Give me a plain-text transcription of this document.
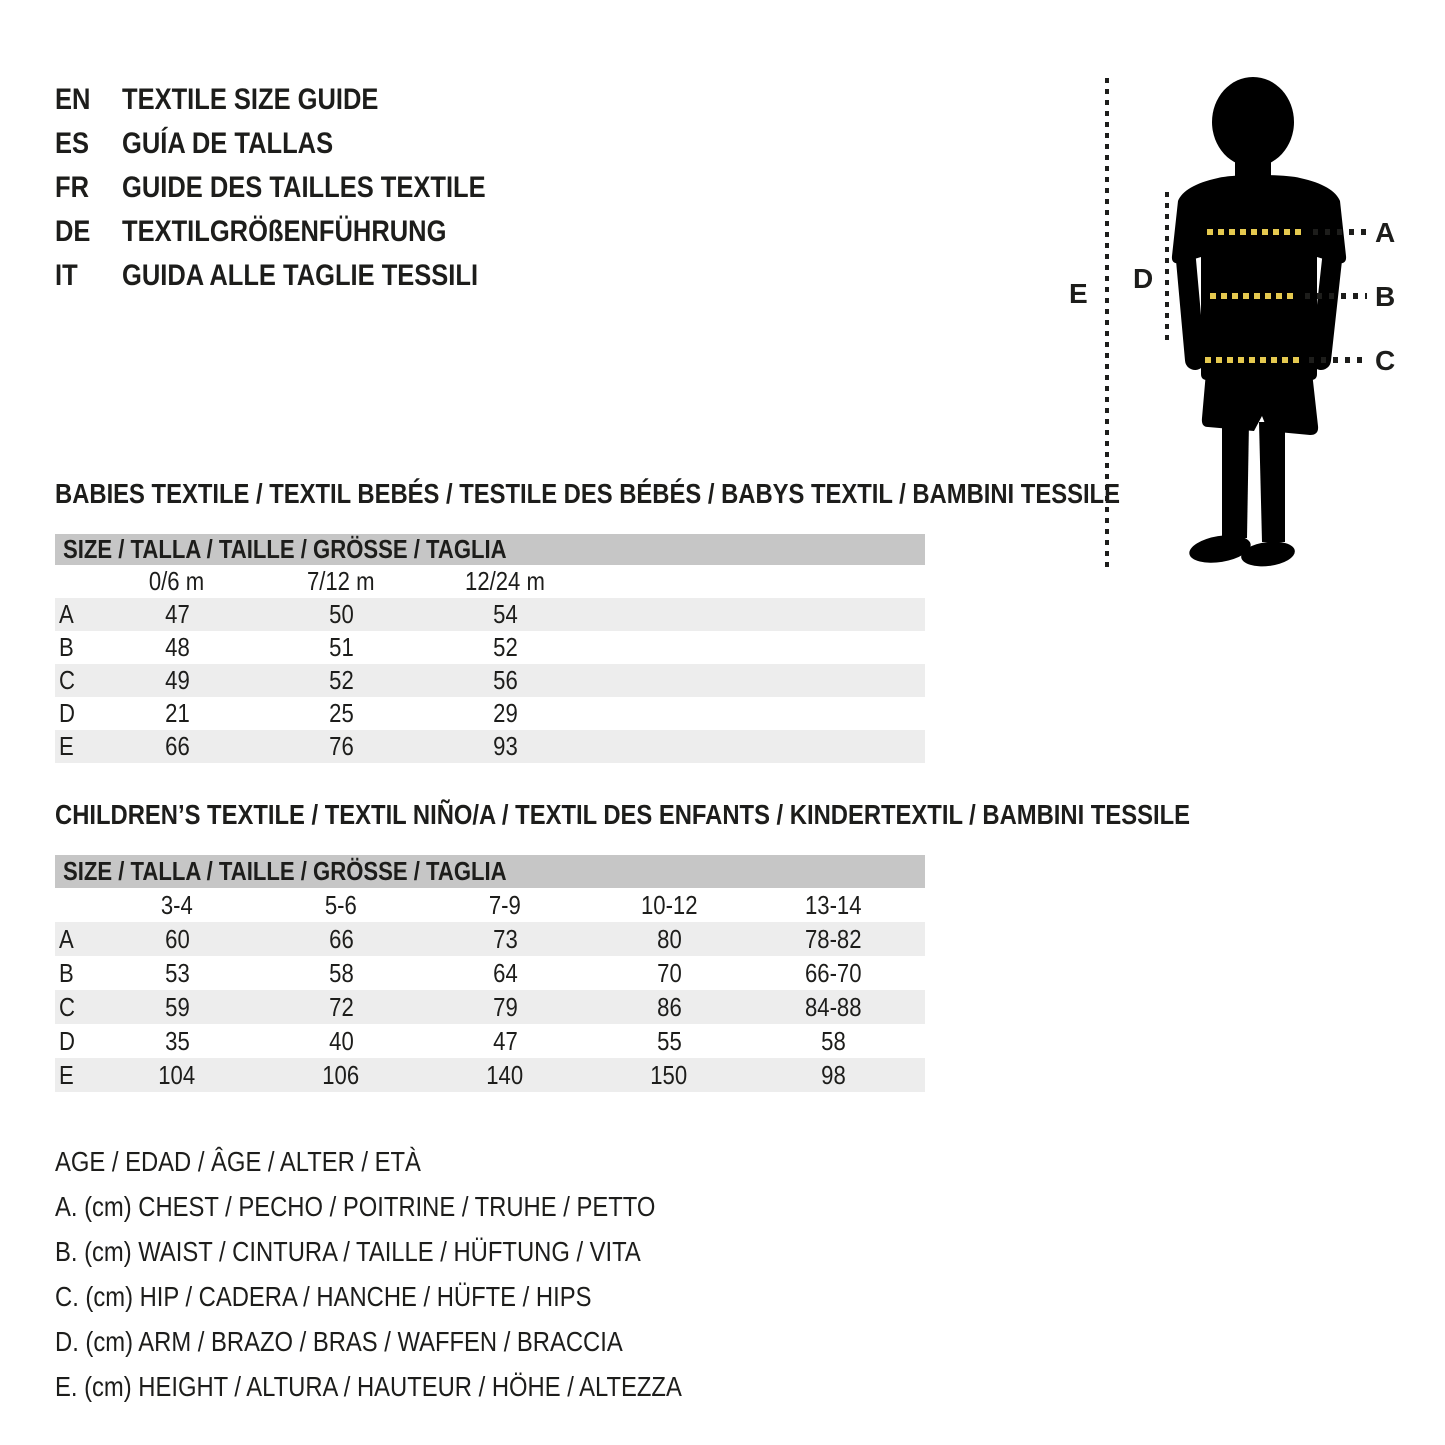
EN	TEXTILE SIZE GUIDE
ES	GUÍA DE TALLAS
FR	GUIDE DES TAILLES TEXTILE
DE	TEXTILGRÖßENFÜHRUNG
IT	GUIDA ALLE TAGLIE TESSILI
A
B
C
D
E
BABIES TEXTILE / TEXTIL BEBÉS / TESTILE DES BÉBÉS / BABYS TEXTIL / BAMBINI TESSILE
SIZE / TALLA / TAILLE / GRÖSSE / TAGLIA
	0/6 m	7/12 m	12/24 m	
A	47	50	54	
B	48	51	52	
C	49	52	56	
D	21	25	29	
E	66	76	93	
CHILDREN’S TEXTILE / TEXTIL NIÑO/A / TEXTIL DES ENFANTS / KINDERTEXTIL / BAMBINI TESSILE
SIZE / TALLA / TAILLE / GRÖSSE / TAGLIA
	3-4	5-6	7-9	10-12	13-14	
A	60	66	73	80	78-82	
B	53	58	64	70	66-70	
C	59	72	79	86	84-88	
D	35	40	47	55	58	
E	104	106	140	150	98	
AGE / EDAD / ÂGE / ALTER / ETÀ
A. (cm) CHEST / PECHO / POITRINE / TRUHE / PETTO
B. (cm) WAIST / CINTURA / TAILLE / HÜFTUNG / VITA
C. (cm) HIP / CADERA / HANCHE / HÜFTE / HIPS
D. (cm) ARM / BRAZO / BRAS / WAFFEN / BRACCIA
E. (cm) HEIGHT / ALTURA / HAUTEUR / HÖHE / ALTEZZA
